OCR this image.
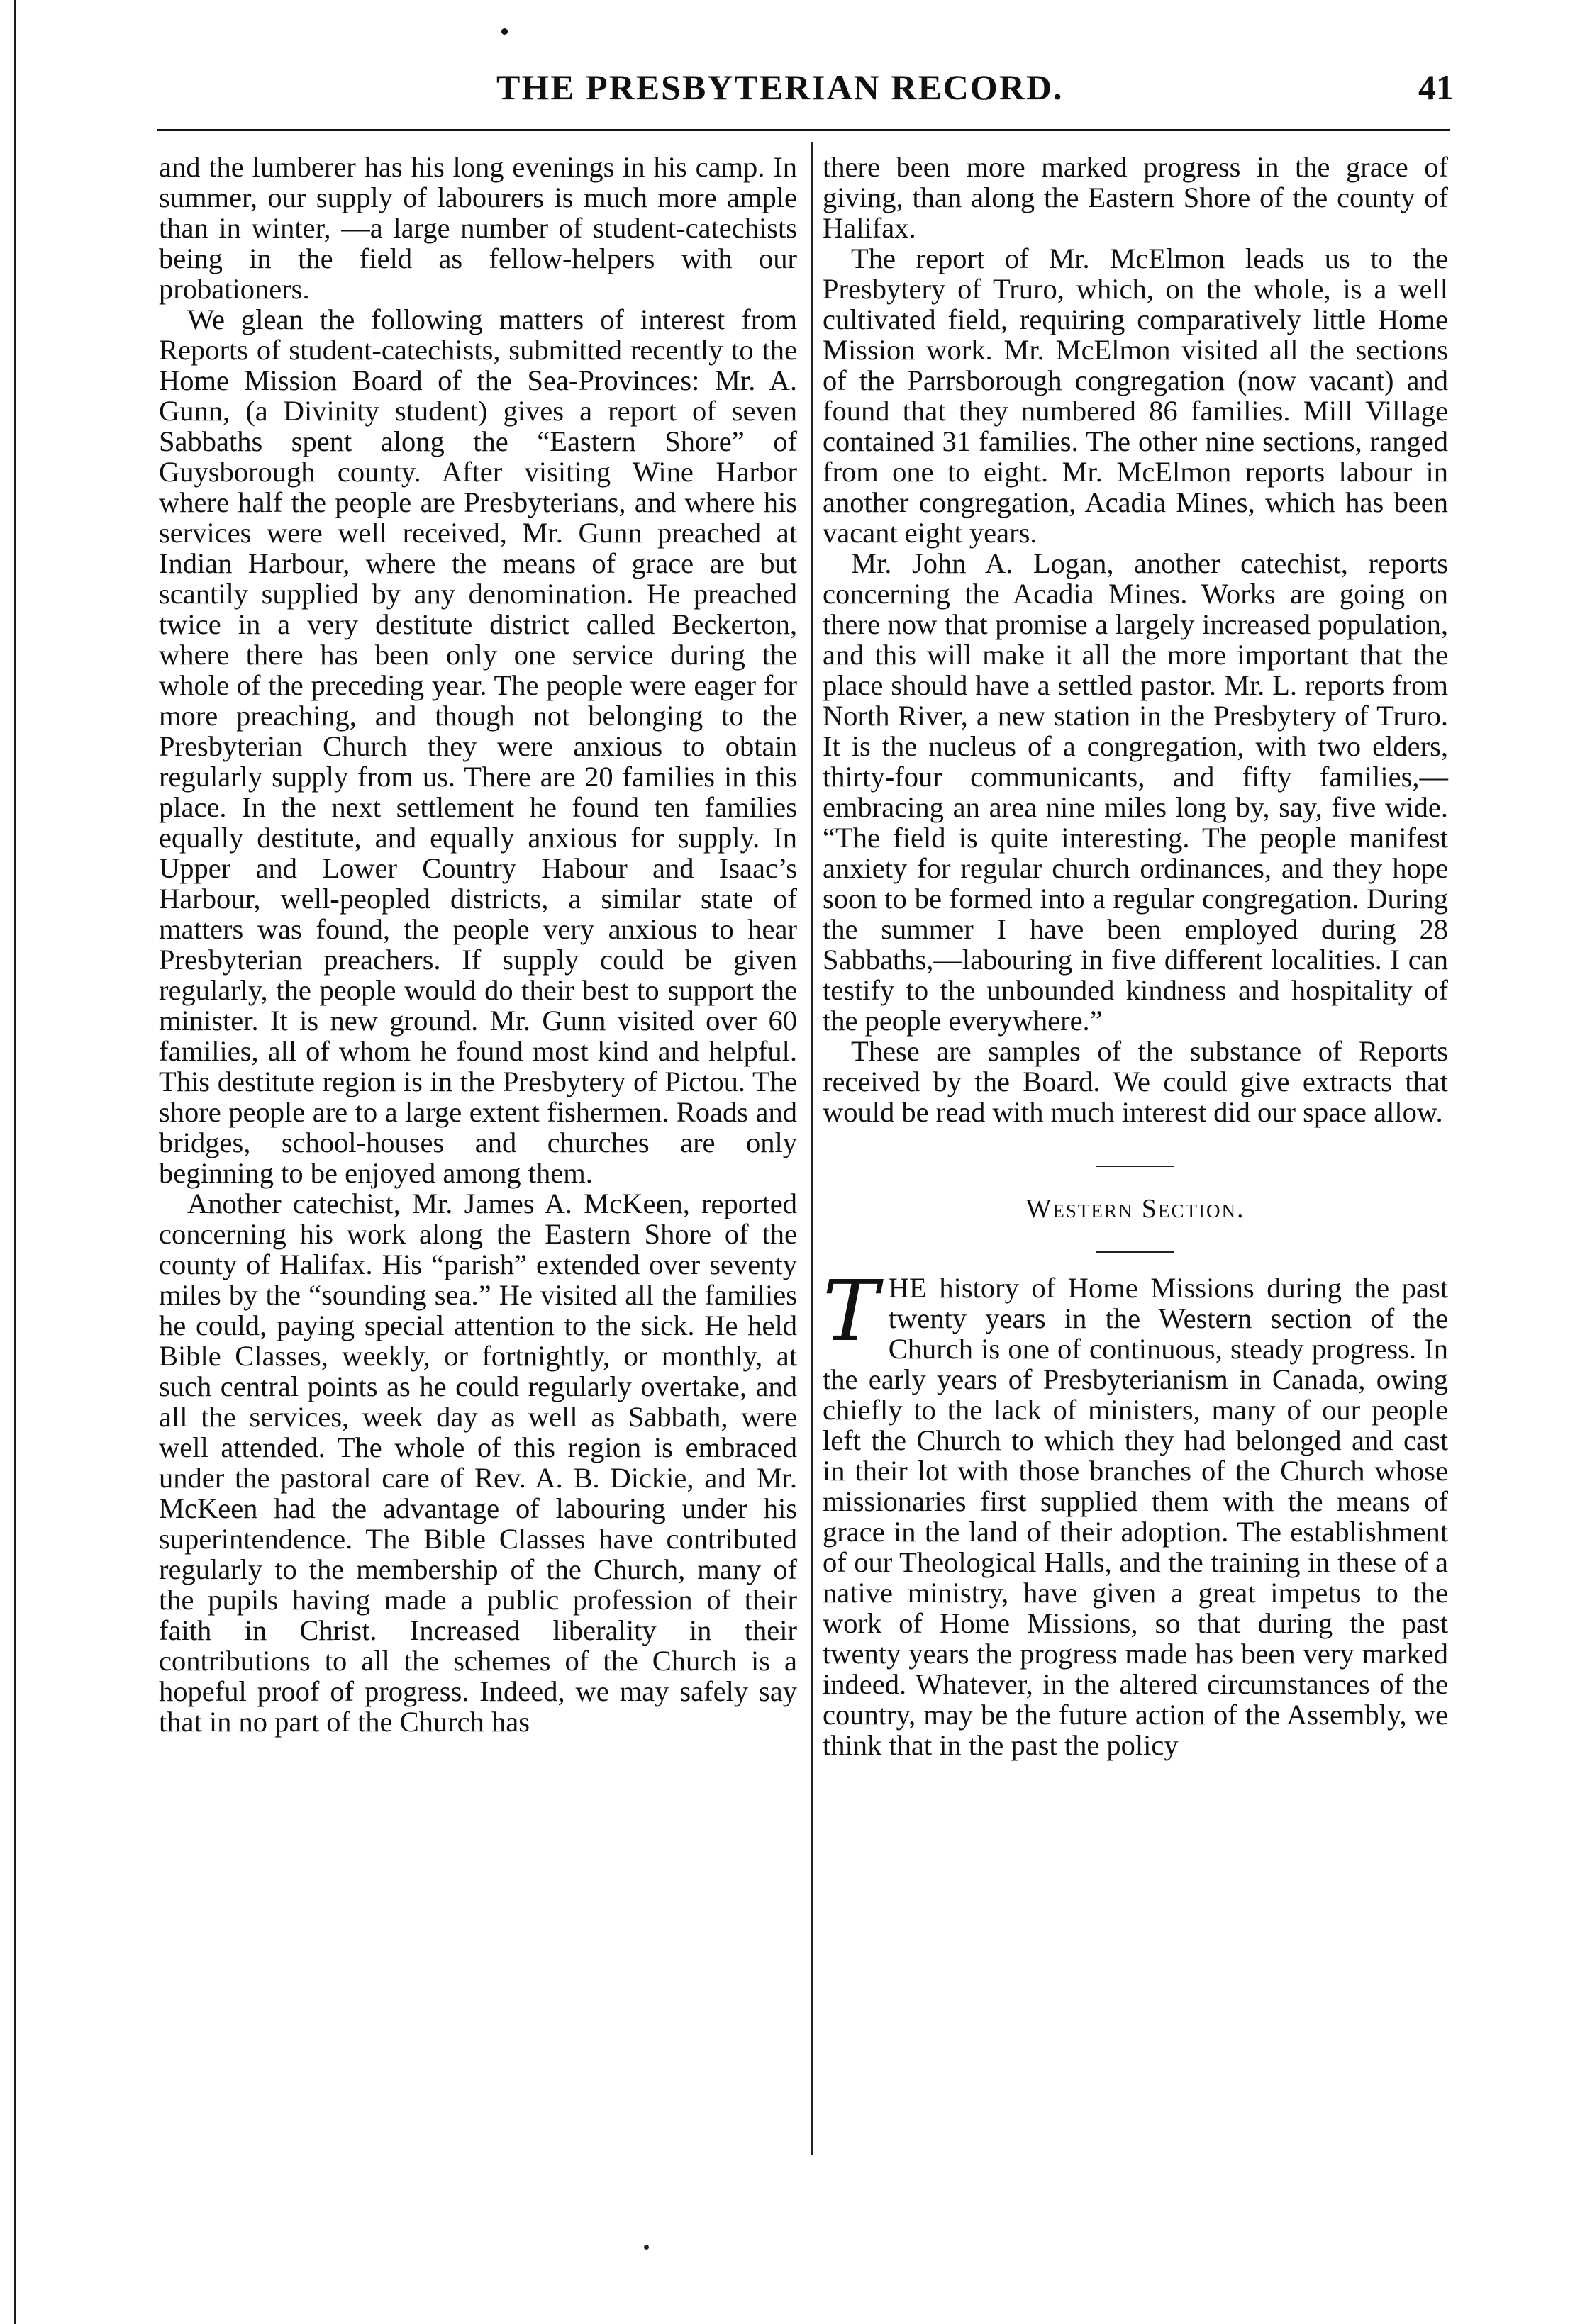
THE PRESBYTERIAN RECORD.	41

and the lumberer has his long evenings in his camp. In summer, our supply of labourers is much more ample than in winter, —a large number of student-catechists being in the field as fellow-helpers with our probationers.

We glean the following matters of interest from Reports of student-catechists, submitted recently to the Home Mission Board of the Sea-Provinces: Mr. A. Gunn, (a Divinity student) gives a report of seven Sabbaths spent along the “Eastern Shore” of Guysborough county. After visiting Wine Harbor where half the people are Presbyterians, and where his services were well received, Mr. Gunn preached at Indian Harbour, where the means of grace are but scantily supplied by any denomination. He preached twice in a very destitute district called Beckerton, where there has been only one service during the whole of the preceding year. The people were eager for more preaching, and though not belonging to the Presbyterian Church they were anxious to obtain regularly supply from us. There are 20 families in this place. In the next settlement he found ten families equally destitute, and equally anxious for supply. In Upper and Lower Country Habour and Isaac’s Harbour, well-peopled districts, a similar state of matters was found, the people very anxious to hear Presbyterian preachers. If supply could be given regularly, the people would do their best to support the minister. It is new ground. Mr. Gunn visited over 60 families, all of whom he found most kind and helpful. This destitute region is in the Presbytery of Pictou. The shore people are to a large extent fishermen. Roads and bridges, school-houses and churches are only beginning to be enjoyed among them.

Another catechist, Mr. James A. McKeen, reported concerning his work along the Eastern Shore of the county of Halifax. His “parish” extended over seventy miles by the “sounding sea.” He visited all the families he could, paying special attention to the sick. He held Bible Classes, weekly, or fortnightly, or monthly, at such central points as he could regularly overtake, and all the services, week day as well as Sabbath, were well attended. The whole of this region is embraced under the pastoral care of Rev. A. B. Dickie, and Mr. McKeen had the advantage of labouring under his superintendence. The Bible Classes have contributed regularly to the membership of the Church, many of the pupils having made a public profession of their faith in Christ. Increased liberality in their contributions to all the schemes of the Church is a hopeful proof of progress. Indeed, we may safely say that in no part of the Church has

there been more marked progress in the grace of giving, than along the Eastern Shore of the county of Halifax.

The report of Mr. McElmon leads us to the Presbytery of Truro, which, on the whole, is a well cultivated field, requiring comparatively little Home Mission work. Mr. McElmon visited all the sections of the Parrsborough congregation (now vacant) and found that they numbered 86 families. Mill Village contained 31 families. The other nine sections, ranged from one to eight. Mr. McElmon reports labour in another congregation, Acadia Mines, which has been vacant eight years.

Mr. John A. Logan, another catechist, reports concerning the Acadia Mines. Works are going on there now that promise a largely increased population, and this will make it all the more important that the place should have a settled pastor. Mr. L. reports from North River, a new station in the Presbytery of Truro. It is the nucleus of a congregation, with two elders, thirty-four communicants, and fifty families,—embracing an area nine miles long by, say, five wide. “The field is quite interesting. The people manifest anxiety for regular church ordinances, and they hope soon to be formed into a regular congregation. During the summer I have been employed during 28 Sabbaths,—labouring in five different localities. I can testify to the unbounded kindness and hospitality of the people everywhere.”

These are samples of the substance of Reports received by the Board. We could give extracts that would be read with much interest did our space allow.

Western Section.

THE history of Home Missions during the past twenty years in the Western section of the Church is one of continuous, steady progress. In the early years of Presbyterianism in Canada, owing chiefly to the lack of ministers, many of our people left the Church to which they had belonged and cast in their lot with those branches of the Church whose missionaries first supplied them with the means of grace in the land of their adoption. The establishment of our Theological Halls, and the training in these of a native ministry, have given a great impetus to the work of Home Missions, so that during the past twenty years the progress made has been very marked indeed. Whatever, in the altered circumstances of the country, may be the future action of the Assembly, we think that in the past the policy
